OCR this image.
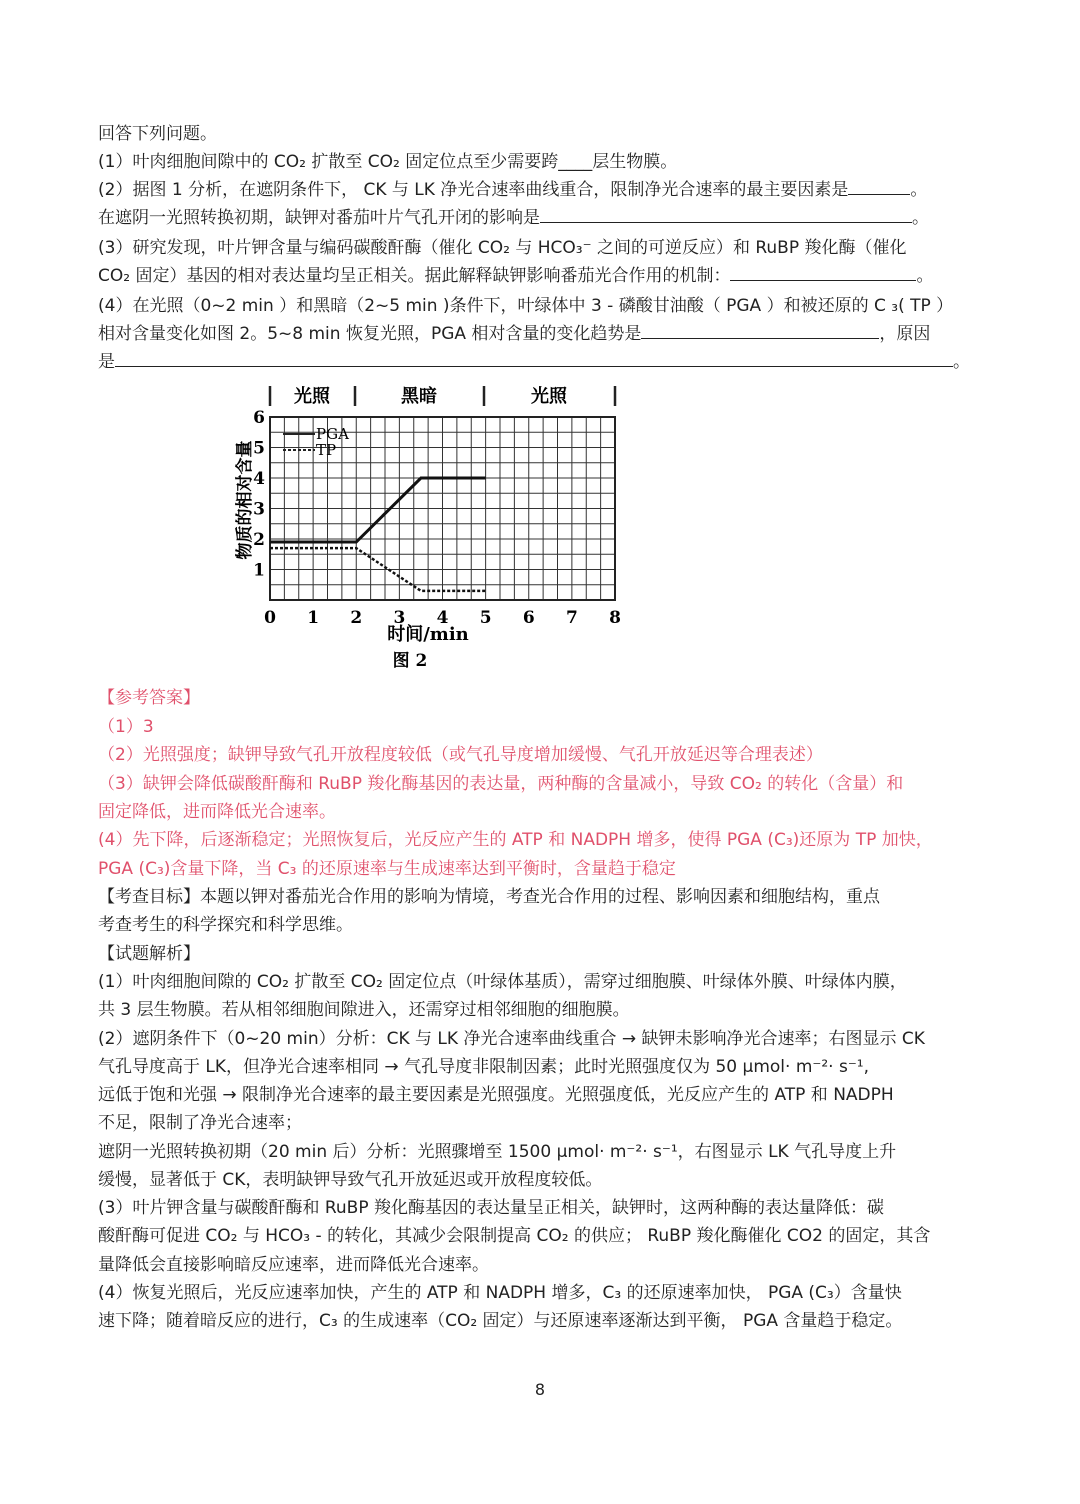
回答下列问题。
(1）叶肉细胞间隙中的 CO₂ 扩散至 CO₂ 固定位点至少需要跨____层生物膜。
(2）据图 1 分析，在遮阴条件下， CK 与 LK 净光合速率曲线重合，限制净光合速率的最主要因素是	。
在遮阴一光照转换初期，缺钾对番茄叶片气孔开闭的影响是	。
(3）研究发现，叶片钾含量与编码碳酸酐酶（催化 CO₂ 与 HCO₃⁻ 之间的可逆反应）和 RuBP 羧化酶（催化
CO₂ 固定）基因的相对表达量均呈正相关。据此解释缺钾影响番茄光合作用的机制：	。
(4）在光照（0~2 min ）和黑暗（2~5 min )条件下，叶绿体中 3 - 磷酸甘油酸（ PGA ）和被还原的 C ₃( TP ）
相对含量变化如图 2。5~8 min 恢复光照，PGA 相对含量的变化趋势是	，原因
是	。
光照	黑暗	光照
0 1 2 3 4 5 6 7 8
1
2
3
4
5
6
PGA
TP
物质的相对含量
时间/min
图 2
【参考答案】
（1）3
（2）光照强度；缺钾导致气孔开放程度较低（或气孔导度增加缓慢、气孔开放延迟等合理表述）
（3）缺钾会降低碳酸酐酶和 RuBP 羧化酶基因的表达量，两种酶的含量减小，导致 CO₂ 的转化（含量）和
固定降低，进而降低光合速率。
(4）先下降，后逐渐稳定；光照恢复后，光反应产生的 ATP 和 NADPH 增多，使得 PGA (C₃)还原为 TP 加快，
PGA (C₃)含量下降，当 C₃ 的还原速率与生成速率达到平衡时，含量趋于稳定
【考查目标】本题以钾对番茄光合作用的影响为情境，考查光合作用的过程、影响因素和细胞结构，重点
考查考生的科学探究和科学思维。
【试题解析】
(1）叶肉细胞间隙的 CO₂ 扩散至 CO₂ 固定位点（叶绿体基质），需穿过细胞膜、叶绿体外膜、叶绿体内膜，
共 3 层生物膜。若从相邻细胞间隙进入，还需穿过相邻细胞的细胞膜。
(2）遮阴条件下（0~20 min）分析：CK 与 LK 净光合速率曲线重合 → 缺钾未影响净光合速率；右图显示 CK
气孔导度高于 LK，但净光合速率相同 → 气孔导度非限制因素；此时光照强度仅为 50 μmol· m⁻²· s⁻¹,
远低于饱和光强 → 限制净光合速率的最主要因素是光照强度。光照强度低，光反应产生的 ATP 和 NADPH
不足，限制了净光合速率；
遮阴一光照转换初期（20 min 后）分析：光照骤增至 1500 μmol· m⁻²· s⁻¹，右图显示 LK 气孔导度上升
缓慢，显著低于 CK，表明缺钾导致气孔开放延迟或开放程度较低。
(3）叶片钾含量与碳酸酐酶和 RuBP 羧化酶基因的表达量呈正相关，缺钾时，这两种酶的表达量降低：碳
酸酐酶可促进 CO₂ 与 HCO₃ - 的转化，其减少会限制提高 CO₂ 的供应； RuBP 羧化酶催化 CO2 的固定，其含
量降低会直接影响暗反应速率，进而降低光合速率。
(4）恢复光照后，光反应速率加快，产生的 ATP 和 NADPH 增多，C₃ 的还原速率加快， PGA (C₃）含量快
速下降；随着暗反应的进行，C₃ 的生成速率（CO₂ 固定）与还原速率逐渐达到平衡， PGA 含量趋于稳定。
8
